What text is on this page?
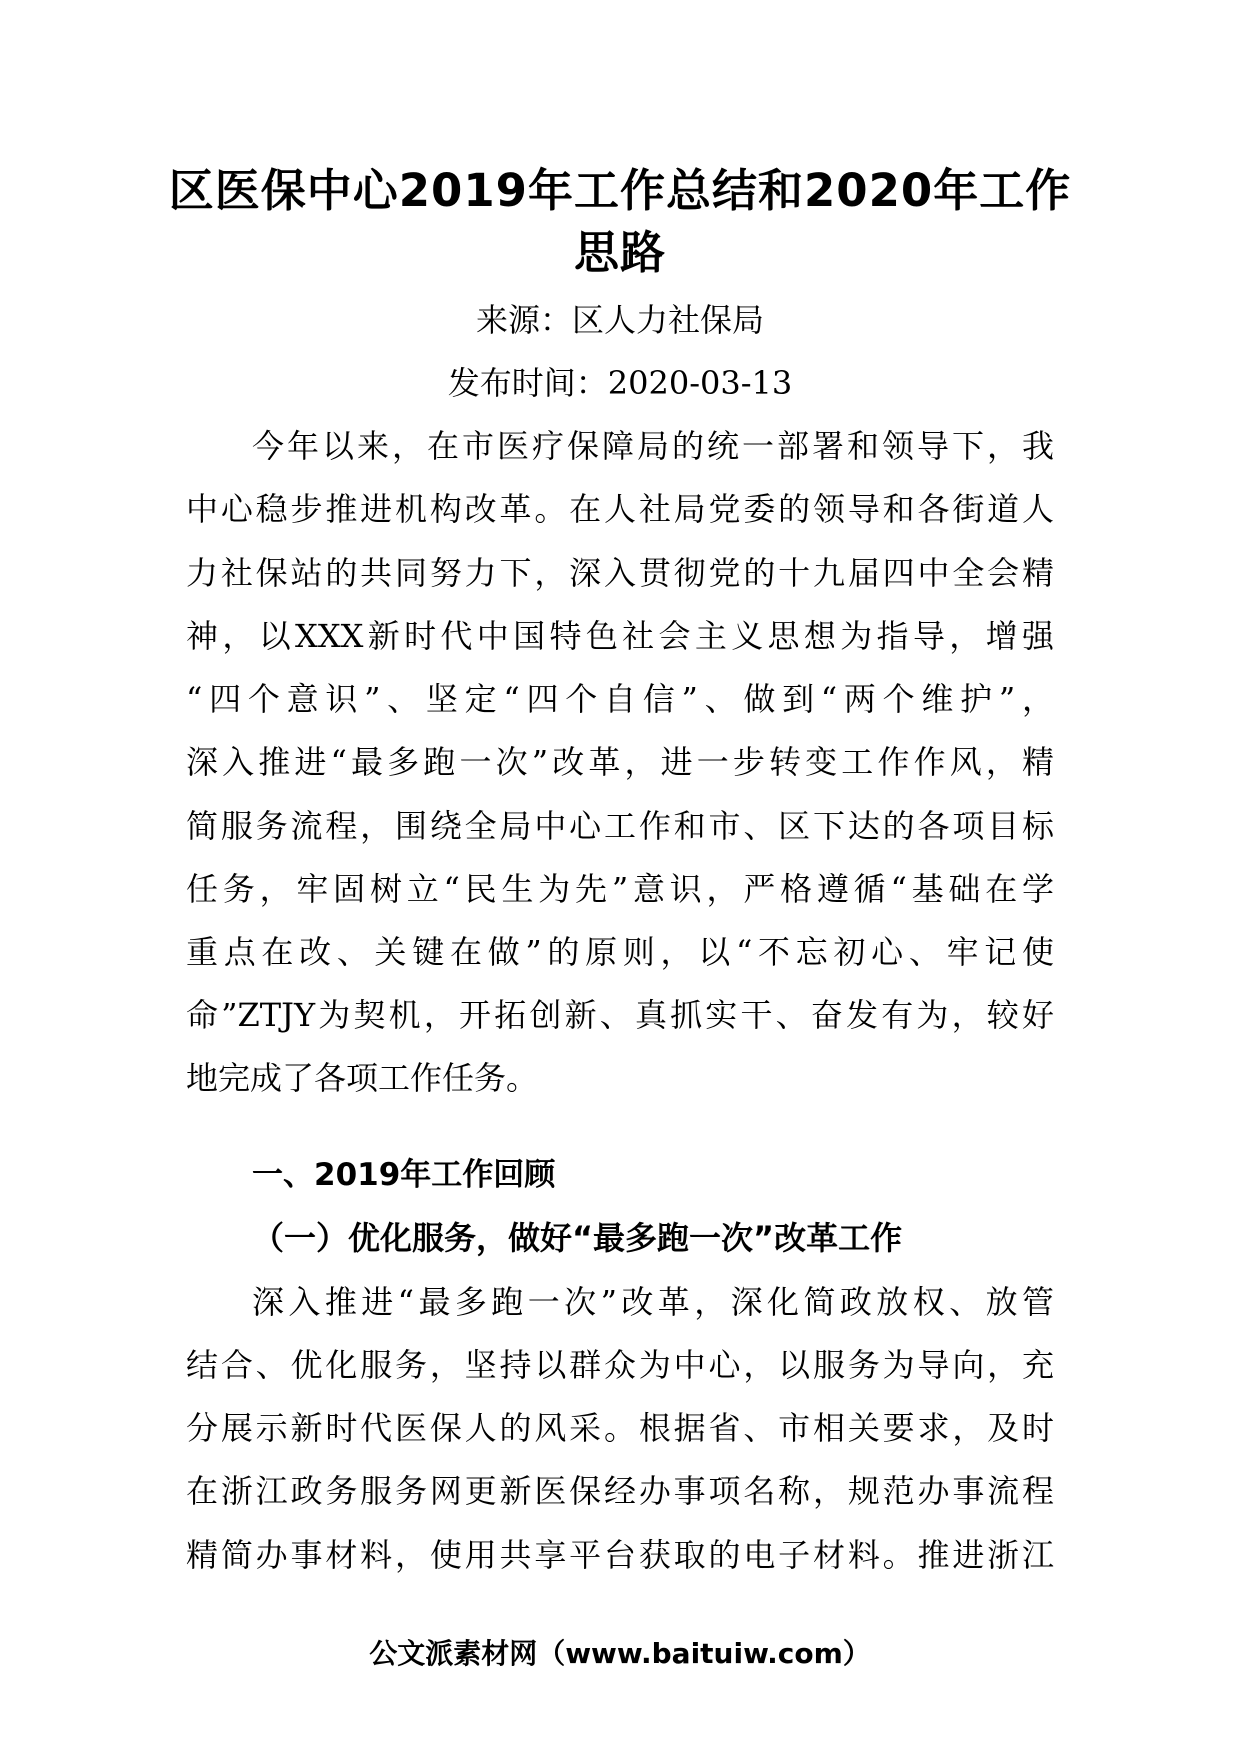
区医保中心2019年工作总结和2020年工作
思路
来源：区人力社保局
发布时间：2020-03-13
今年以来，在市医疗保障局的统一部署和领导下，我
中心稳步推进机构改革。在人社局党委的领导和各街道人
力社保站的共同努力下，深入贯彻党的十九届四中全会精
神，以XXX新时代中国特色社会主义思想为指导，增强
“四个意识”、坚定“四个自信”、做到“两个维护”，
深入推进“最多跑一次”改革，进一步转变工作作风，精
简服务流程，围绕全局中心工作和市、区下达的各项目标
任务，牢固树立“民生为先”意识，严格遵循“基础在学
重点在改、关键在做”的原则，以“不忘初心、牢记使
命”ZTJY为契机，开拓创新、真抓实干、奋发有为，较好
地完成了各项工作任务。
一、2019年工作回顾
（一）优化服务，做好“最多跑一次”改革工作
深入推进“最多跑一次”改革，深化简政放权、放管
结合、优化服务，坚持以群众为中心，以服务为导向，充
分展示新时代医保人的风采。根据省、市相关要求，及时
在浙江政务服务网更新医保经办事项名称，规范办事流程
精简办事材料，使用共享平台获取的电子材料。推进浙江
公文派素材网（www.baituiw.com）
